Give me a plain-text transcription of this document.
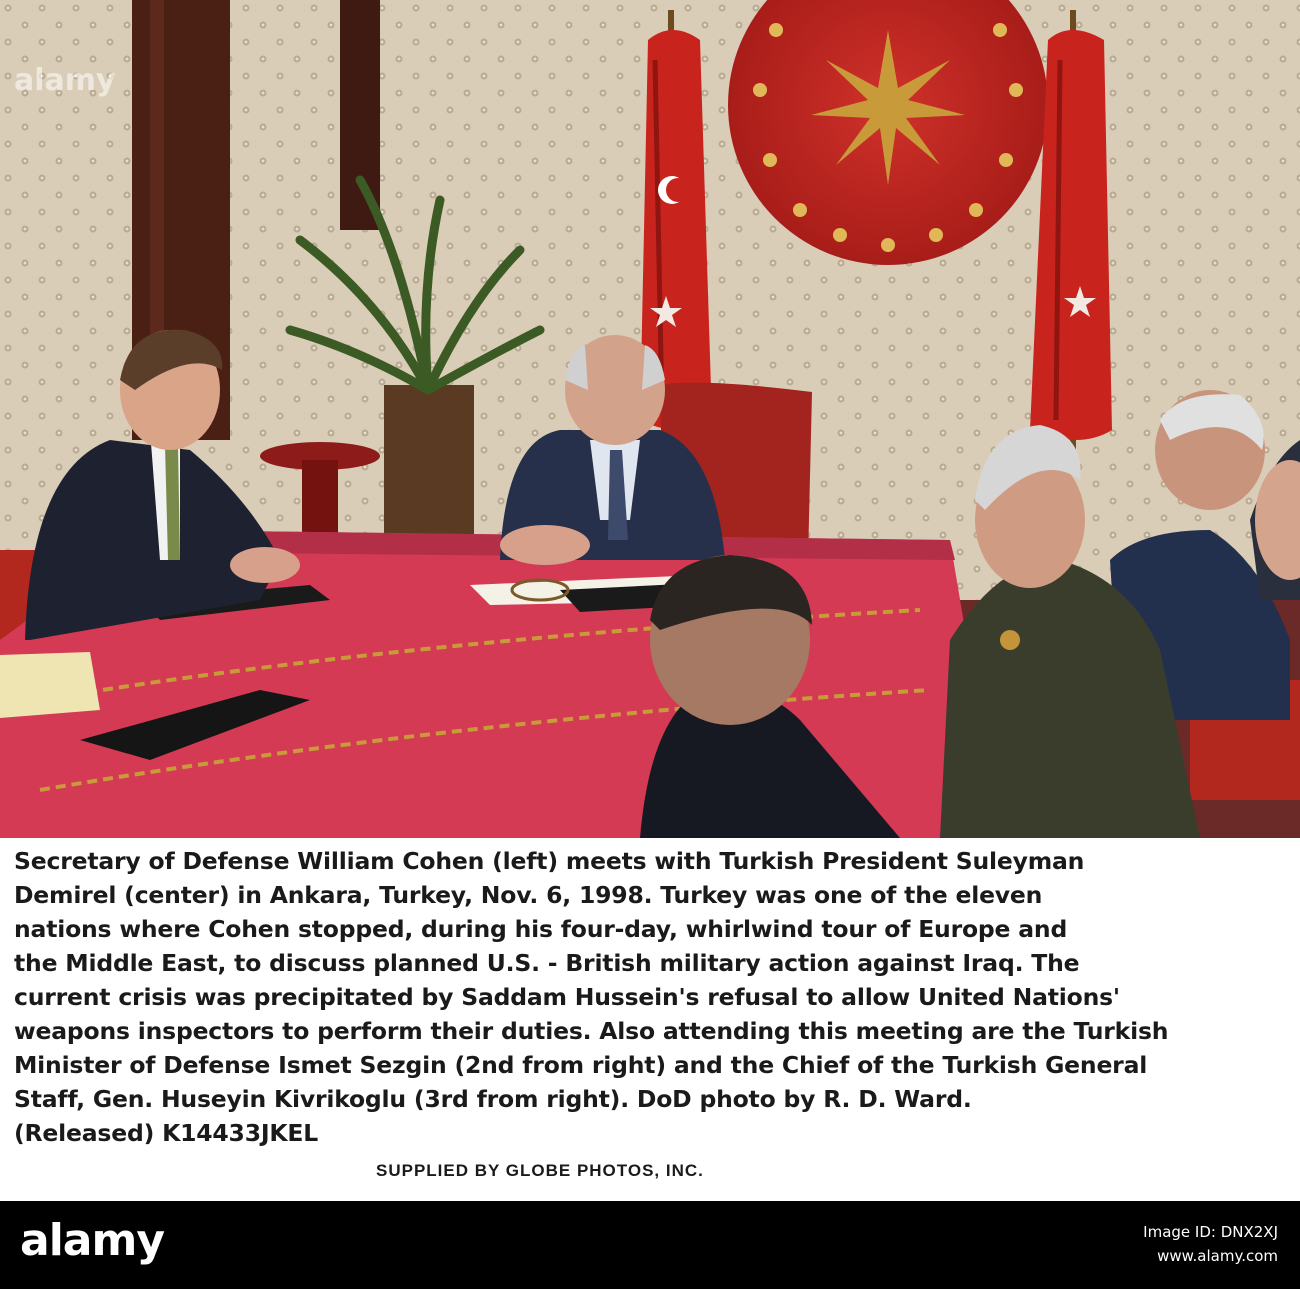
alamy
Secretary of Defense William Cohen (left) meets with Turkish President Suleyman
Demirel (center) in Ankara, Turkey, Nov. 6, 1998. Turkey was one of the eleven
nations where Cohen stopped, during his four-day, whirlwind tour of Europe and
the Middle East, to discuss planned U.S. - British military action against Iraq. The
current crisis was precipitated by Saddam Hussein's refusal to allow United Nations'
weapons inspectors to perform their duties. Also attending this meeting are the Turkish
Minister of Defense Ismet Sezgin (2nd from right) and the Chief of the Turkish General
Staff, Gen. Huseyin Kivrikoglu (3rd from right). DoD photo by R. D. Ward.
(Released) K14433JKEL
SUPPLIED BY GLOBE PHOTOS, INC.
alamy	Image ID: DNX2XJ
www.alamy.com
